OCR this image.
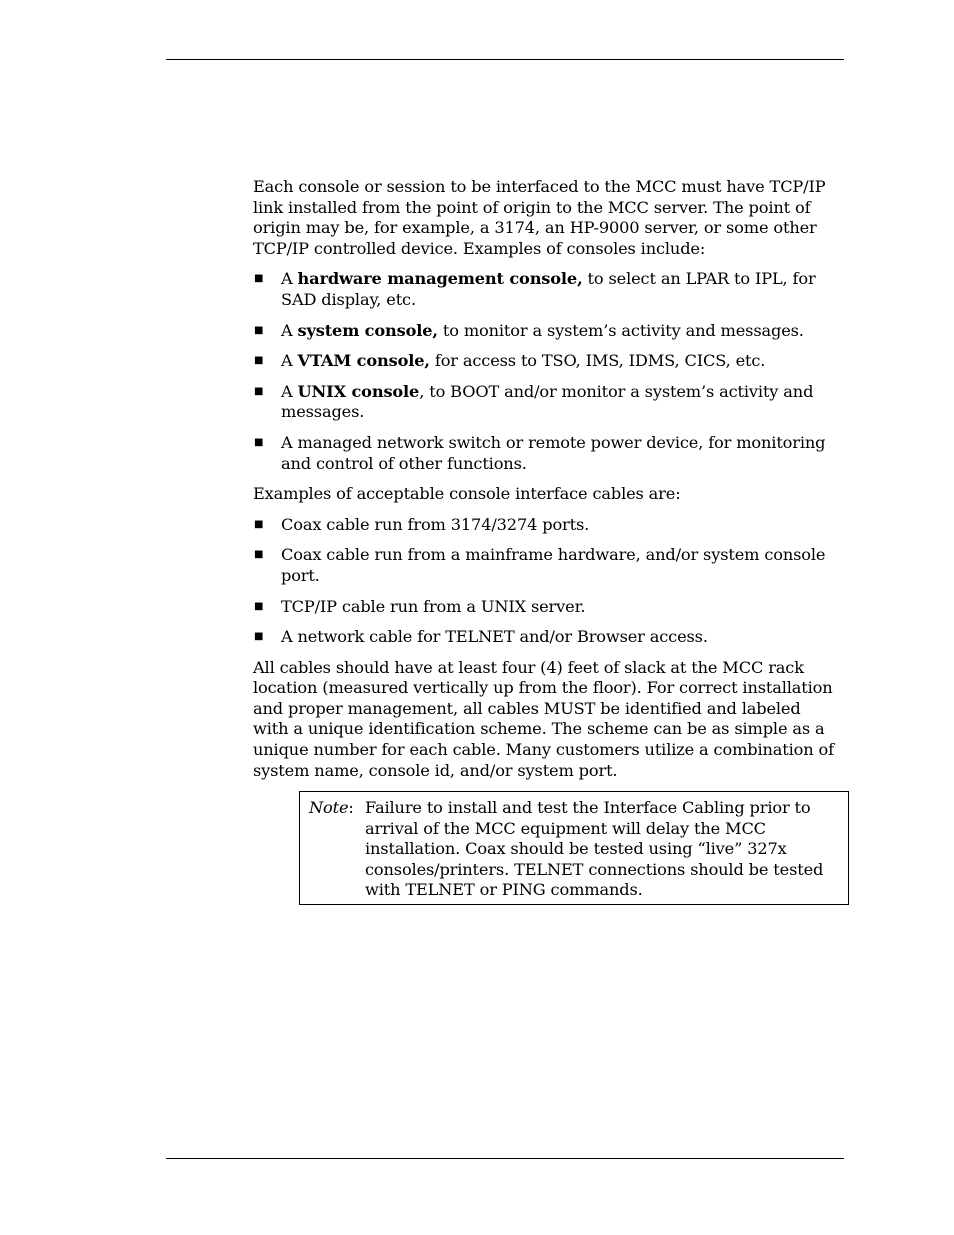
Each console or session to be interfaced to the MCC must have TCP/IP link installed from the point of origin to the MCC server. The point of origin may be, for example, a 3174, an HP-9000 server, or some other TCP/IP controlled device. Examples of consoles include:

■ A hardware management console, to select an LPAR to IPL, for SAD display, etc.
■ A system console, to monitor a system’s activity and messages.
■ A VTAM console, for access to TSO, IMS, IDMS, CICS, etc.
■ A UNIX console, to BOOT and/or monitor a system’s activity and messages.
■ A managed network switch or remote power device, for monitoring and control of other functions.

Examples of acceptable console interface cables are:

■ Coax cable run from 3174/3274 ports.
■ Coax cable run from a mainframe hardware, and/or system console port.
■ TCP/IP cable run from a UNIX server.
■ A network cable for TELNET and/or Browser access.

All cables should have at least four (4) feet of slack at the MCC rack location (measured vertically up from the floor). For correct installation and proper management, all cables MUST be identified and labeled with a unique identification scheme. The scheme can be as simple as a unique number for each cable. Many customers utilize a combination of system name, console id, and/or system port.

Note: Failure to install and test the Interface Cabling prior to arrival of the MCC equipment will delay the MCC installation. Coax should be tested using “live” 327x consoles/printers. TELNET connections should be tested with TELNET or PING commands.
